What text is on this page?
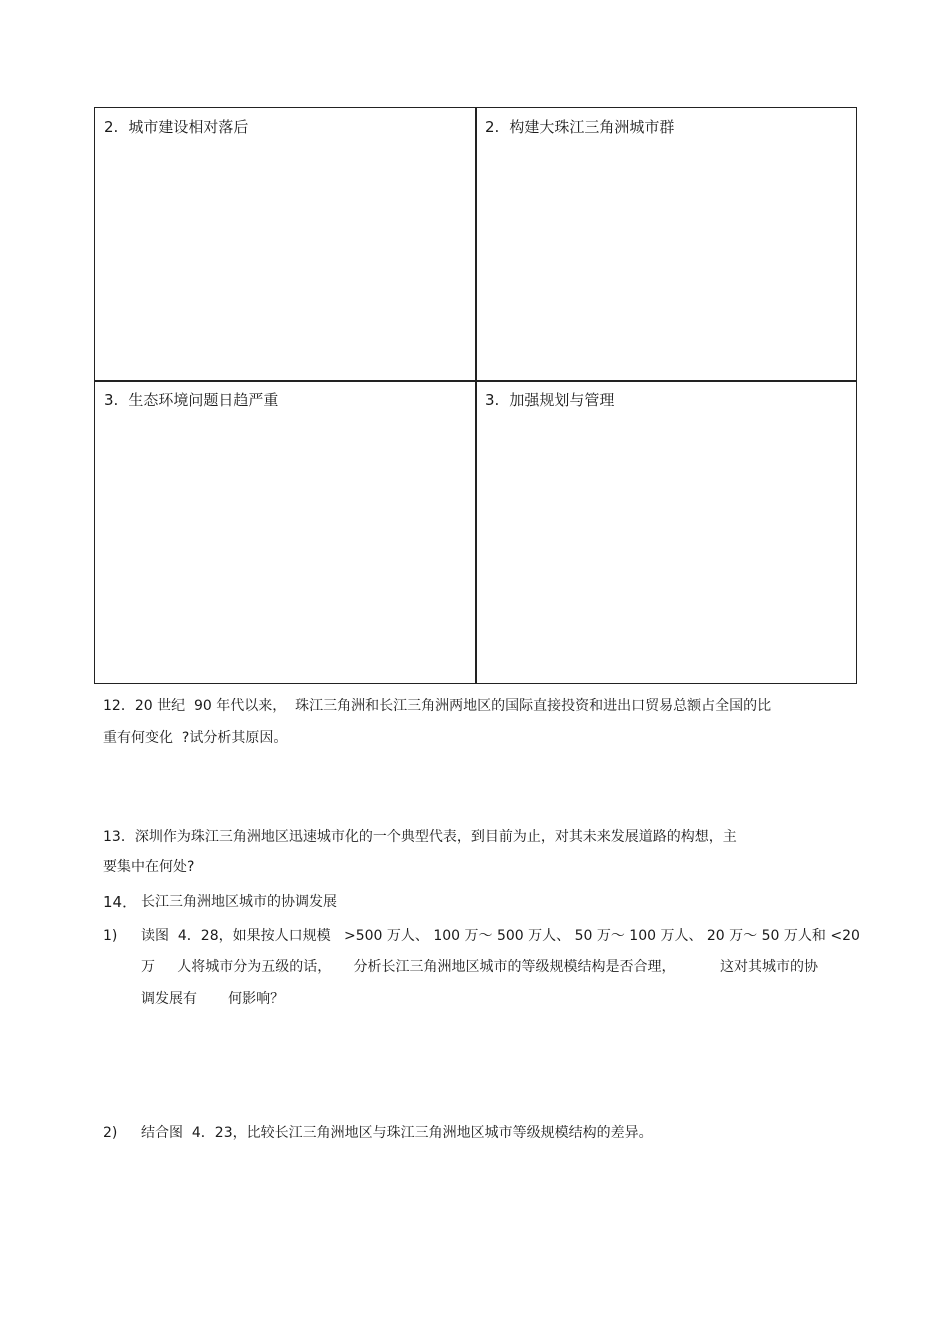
2. 城市建设相对落后	2. 构建大珠江三角洲城市群
3. 生态环境问题日趋严重	3. 加强规划与管理
12．20 世纪  90 年代以来，  珠江三角洲和长江三角洲两地区的国际直接投资和进出口贸易总额占全国的比
重有何变化  ?试分析其原因。
13．深圳作为珠江三角洲地区迅速城市化的一个典型代表，到目前为止，对其未来发展道路的构想，主
要集中在何处?
14． 长江三角洲地区城市的协调发展
1) 读图  4．28，如果按人口规模   >500 万人、 100 万～ 500 万人、 50 万～ 100 万人、 20 万～ 50 万人和 <20
万     人将城市分为五级的话，     分析长江三角洲地区城市的等级规模结构是否合理，          这对其城市的协
调发展有       何影响？
2) 结合图  4．23，比较长江三角洲地区与珠江三角洲地区城市等级规模结构的差异。
